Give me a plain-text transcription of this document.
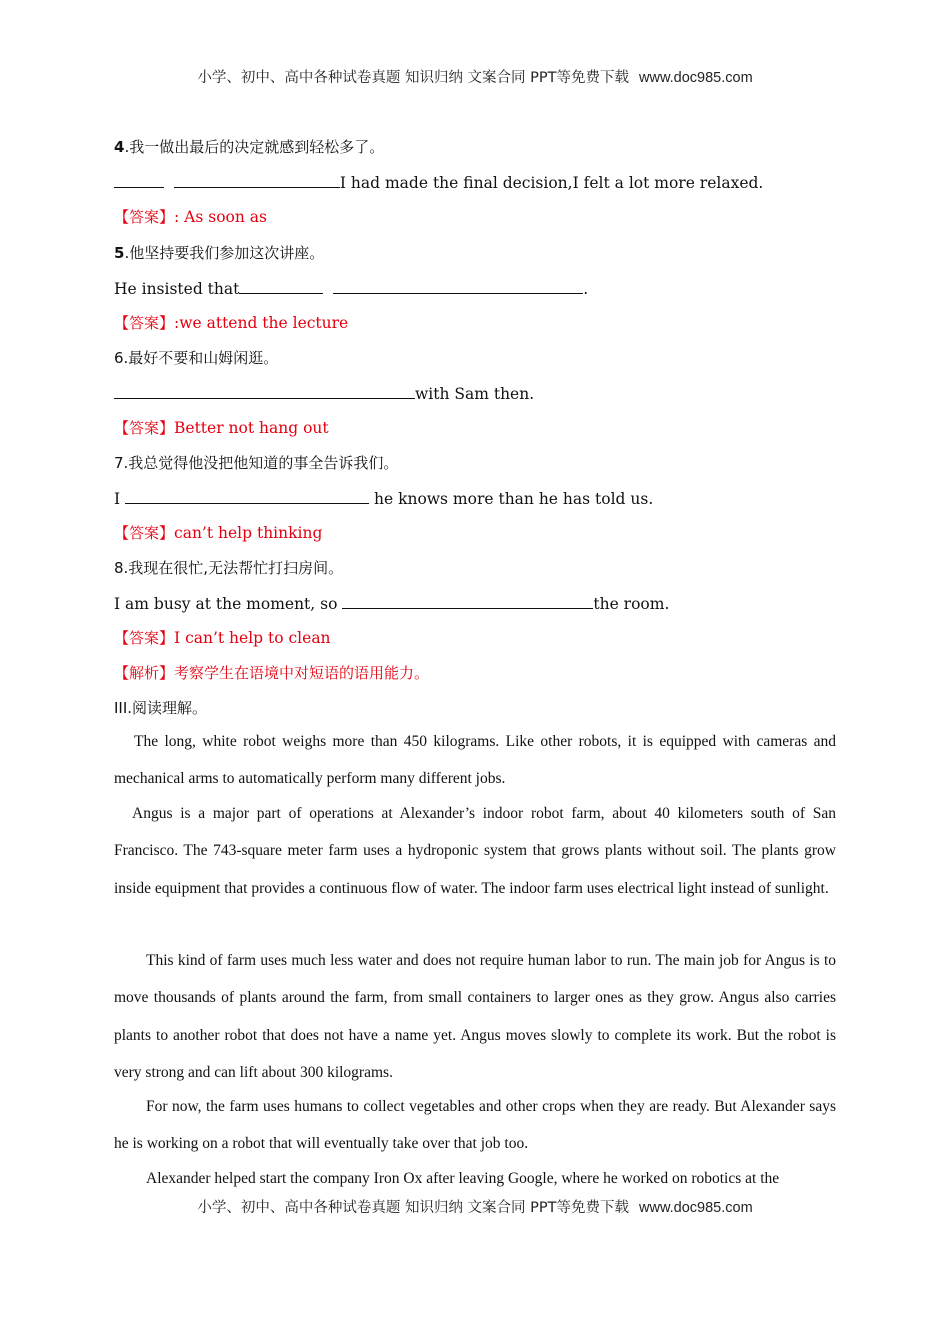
小学、初中、高中各种试卷真题 知识归纳 文案合同 PPT等免费下载 www.doc985.com
4.我一做出最后的决定就感到轻松多了。
I had made the final decision,I felt a lot more relaxed.
【答案】: As soon as
5.他坚持要我们参加这次讲座。
He insisted that	.
【答案】:we attend the lecture
6.最好不要和山姆闲逛。
with Sam then.
【答案】Better not hang out
7.我总觉得他没把他知道的事全告诉我们。
I	he knows more than he has told us.
【答案】can’t help thinking
8.我现在很忙,无法帮忙打扫房间。
I am busy at the moment, so	the room.
【答案】I can’t help to clean
【解析】考察学生在语境中对短语的语用能力。
III.阅读理解。

The long, white robot weighs more than 450 kilograms. Like other robots, it is equipped with cameras and mechanical arms to automatically perform many different jobs.

Angus is a major part of operations at Alexander’s indoor robot farm, about 40 kilometers south of San Francisco. The 743-square meter farm uses a hydroponic system that grows plants without soil. The plants grow inside equipment that provides a continuous flow of water. The indoor farm uses electrical light instead of sunlight.

This kind of farm uses much less water and does not require human labor to run. The main job for Angus is to move thousands of plants around the farm, from small containers to larger ones as they grow. Angus also carries plants to another robot that does not have a name yet. Angus moves slowly to complete its work. But the robot is very strong and can lift about 300 kilograms.

For now, the farm uses humans to collect vegetables and other crops when they are ready. But Alexander says he is working on a robot that will eventually take over that job too.

Alexander helped start the company Iron Ox after leaving Google, where he worked on robotics at the

小学、初中、高中各种试卷真题 知识归纳 文案合同 PPT等免费下载 www.doc985.com
